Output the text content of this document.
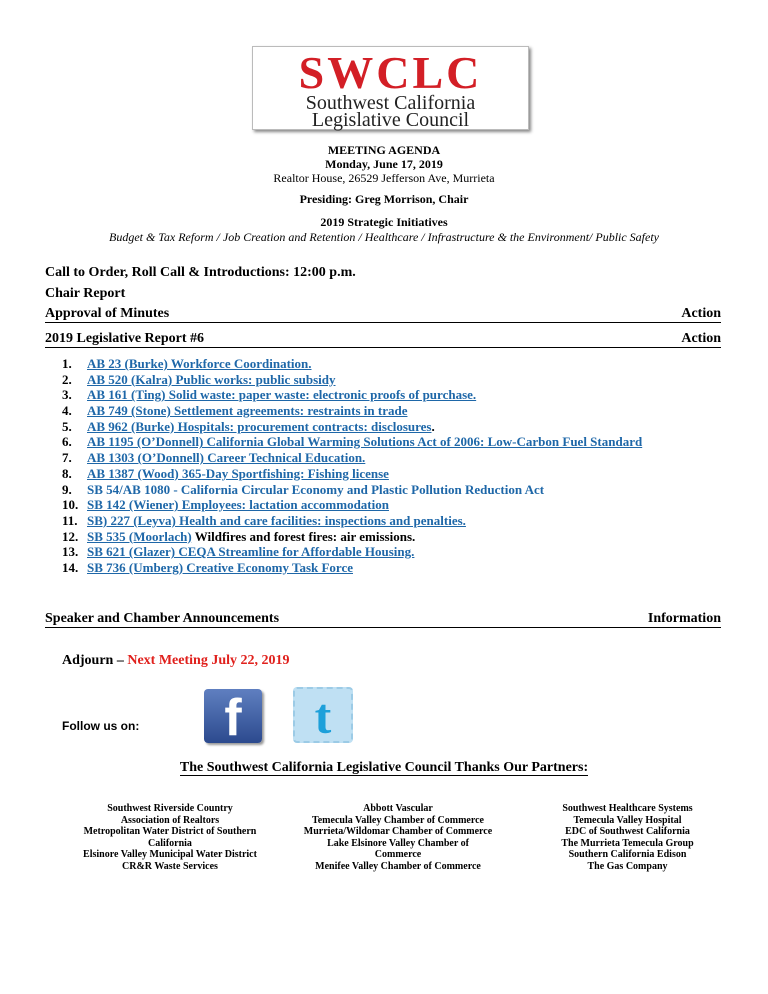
SWCLC
Southwest California
Legislative Council
MEETING AGENDA
Monday, June 17, 2019
Realtor House, 26529 Jefferson Ave, Murrieta
Presiding: Greg Morrison, Chair
2019 Strategic Initiatives
Budget & Tax Reform / Job Creation and Retention / Healthcare / Infrastructure & the Environment/ Public Safety
Call to Order, Roll Call & Introductions: 12:00 p.m.
Chair Report
Approval of Minutes	Action
2019 Legislative Report #6	Action
1. AB 23 (Burke) Workforce Coordination.
2. AB 520 (Kalra) Public works: public subsidy
3. AB 161 (Ting) Solid waste: paper waste: electronic proofs of purchase.
4. AB 749 (Stone) Settlement agreements: restraints in trade
5. AB 962 (Burke) Hospitals: procurement contracts: disclosures.
6. AB 1195 (O’Donnell) California Global Warming Solutions Act of 2006: Low-Carbon Fuel Standard
7. AB 1303 (O’Donnell) Career Technical Education.
8. AB 1387 (Wood) 365-Day Sportfishing: Fishing license
9. SB 54/AB 1080 - California Circular Economy and Plastic Pollution Reduction Act
10. SB 142 (Wiener) Employees: lactation accommodation
11. SB) 227 (Leyva) Health and care facilities: inspections and penalties.
12. SB 535 (Moorlach) Wildfires and forest fires: air emissions.
13. SB 621 (Glazer) CEQA Streamline for Affordable Housing.
14. SB 736 (Umberg) Creative Economy Task Force
Speaker and Chamber Announcements	Information
Adjourn – Next Meeting July 22, 2019
Follow us on:	f	t
The Southwest California Legislative Council Thanks Our Partners:
Southwest Riverside Country
Association of Realtors
Metropolitan Water District of Southern
California
Elsinore Valley Municipal Water District
CR&R Waste Services
Abbott Vascular
Temecula Valley Chamber of Commerce
Murrieta/Wildomar Chamber of Commerce
Lake Elsinore Valley Chamber of
Commerce
Menifee Valley Chamber of Commerce
Southwest Healthcare Systems
Temecula Valley Hospital
EDC of Southwest California
The Murrieta Temecula Group
Southern California Edison
The Gas Company
